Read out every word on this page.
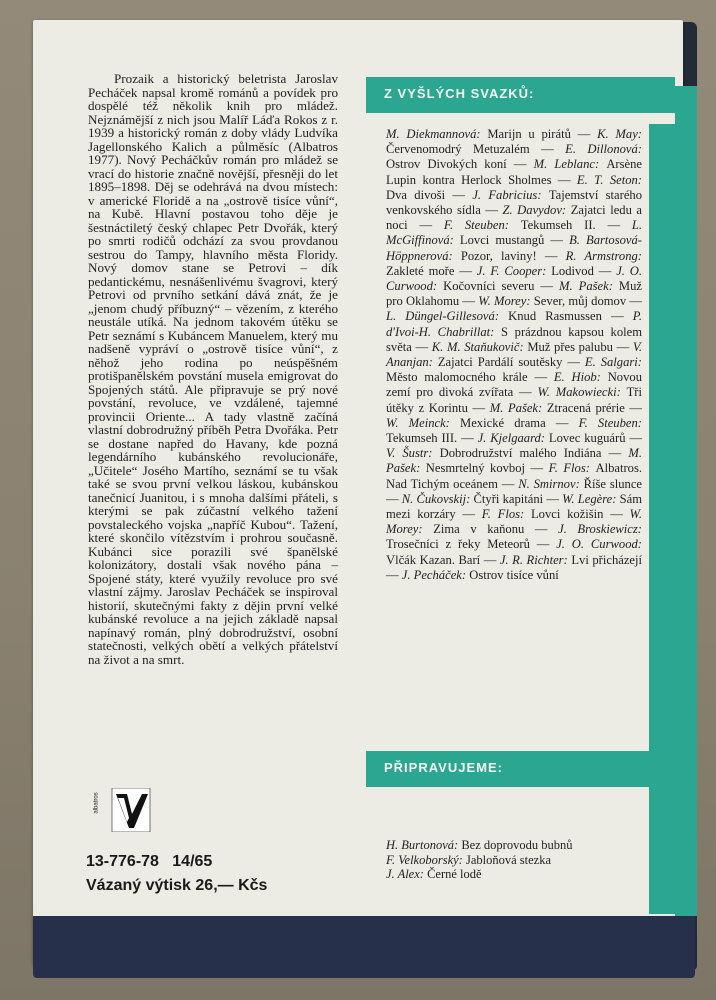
Z VYŠLÝCH SVAZKŮ:
PŘIPRAVUJEME:
Prozaik a historický beletrista Jaroslav Pecháček napsal kromě románů a povídek pro dospělé též několik knih pro mládež. Nejznámější z nich jsou Malíř Láďa Rokos z r. 1939 a historický román z doby vlády Ludvíka Jagellonského Kalich a půlměsíc (Albatros 1977). Nový Pecháčkův román pro mládež se vrací do historie značně novější, přesněji do let 1895–1898. Děj se odehrává na dvou místech: v americké Floridě a na „ostrově tisíce vůní“, na Kubě. Hlavní postavou toho děje je šestnáctiletý český chlapec Petr Dvořák, který po smrti rodičů odchází za svou provdanou sestrou do Tampy, hlavního města Floridy. Nový domov stane se Petrovi – dík pedantickému, nesnášenlivému švagrovi, který Petrovi od prvního setkání dává znát, že je „jenom chudý příbuzný“ – vězením, z kterého neustále utíká. Na jednom takovém útěku se Petr seznámí s Kubáncem Manuelem, který mu nadšeně vypráví o „ostrově tisíce vůní“, z něhož jeho rodina po neúspěšném protišpanělském povstání musela emigrovat do Spojených států. Ale připravuje se prý nové povstání, revoluce, ve vzdálené, tajemné provincii Oriente... A tady vlastně začíná vlastní dobrodružný příběh Petra Dvořáka. Petr se dostane napřed do Havany, kde pozná legendárního kubánského revolucionáře, „Učitele“ Josého Martího, seznámí se tu však také se svou první velkou láskou, kubánskou tanečnicí Juanitou, i s mnoha dalšími přáteli, s kterými se pak zúčastní velkého tažení povstaleckého vojska „napříč Kubou“. Tažení, které skončilo vítězstvím i prohrou současně. Kubánci sice porazili své španělské kolonizátory, dostali však nového pána – Spojené státy, které využily revoluce pro své vlastní zájmy. Jaroslav Pecháček se inspiroval historií, skutečnými fakty z dějin první velké kubánské revoluce a na jejich základě napsal napínavý román, plný dobrodružství, osobní statečnosti, velkých obětí a velkých přátelství na život a na smrt.
M. Diekmannová: Marijn u pirátů — K. May: Červenomodrý Metuzalém — E. Dillonová: Ostrov Divokých koní — M. Leblanc: Arsène Lupin kontra Herlock Sholmes — E. T. Seton: Dva divoši — J. Fabricius: Tajemství starého venkovského sídla — Z. Davydov: Zajatci ledu a noci — F. Steuben: Tekumseh II. — L. McGiffinová: Lovci mustangů — B. Bartosová-Höppnerová: Pozor, laviny! — R. Armstrong: Zakleté moře — J. F. Cooper: Lodivod — J. O. Curwood: Kočovníci severu — M. Pašek: Muž pro Oklahomu — W. Morey: Sever, můj domov — L. Düngel-Gillesová: Knud Rasmussen — P. d'Ivoi-H. Chabrillat: S prázdnou kapsou kolem světa — K. M. Staňukovič: Muž přes palubu — V. Ananjan: Zajatci Pardálí soutěsky — E. Salgari: Město malomocného krále — E. Hiob: Novou zemí pro divoká zvířata — W. Makowiecki: Tři útěky z Korintu — M. Pašek: Ztracená prérie — W. Meinck: Mexické drama — F. Steuben: Tekumseh III. — J. Kjelgaard: Lovec kuguárů — V. Šustr: Dobrodružství malého Indiána — M. Pašek: Nesmrtelný kovboj — F. Flos: Albatros. Nad Tichým oceánem — N. Smirnov: Říše slunce — N. Čukovskij: Čtyři kapitáni — W. Legère: Sám mezi korzáry — F. Flos: Lovci kožišin — W. Morey: Zima v kaňonu — J. Broskiewicz: Trosečníci z řeky Meteorů — J. O. Curwood: Vlčák Kazan. Barí — J. R. Richter: Lvi přicházejí — J. Pecháček: Ostrov tisíce vůní
H. Burtonová: Bez doprovodu bubnů
F. Velkoborský: Jabloňová stezka
J. Alex: Černé lodě

albatros
13-776-78   14/65
Vázaný výtisk 26,— Kčs
